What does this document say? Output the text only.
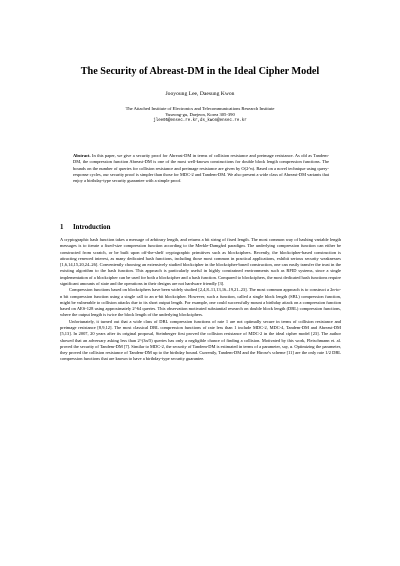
The Security of Abreast-DM in the Ideal Cipher Model
Jooyoung Lee, Daesung Kwon
The Attached Institute of Electronics and Telecommunications Research Institute
Yuseong-gu, Daejeon, Korea 305-390
jlee05@ensec.re.kr,ds_kwon@ensec.re.kr

Abstract. In this paper, we give a security proof for Abreast-DM in terms of collision resistance and preimage resistance. As old as Tandem-DM, the compression function Abreast-DM is one of the most well-known constructions for double block length compression functions. The bounds on the number of queries for collision resistance and preimage resistance are given by O(2^n). Based on a novel technique using query-response cycles, our security proof is simpler than those for MDC-2 and Tandem-DM. We also present a wide class of Abreast-DM variants that enjoy a birthday-type security guarantee with a simple proof.

1 Introduction

A cryptographic hash function takes a message of arbitrary length, and returns a bit string of fixed length. The most common way of hashing variable length messages is to iterate a fixed-size compression function according to the Merkle-Damgård paradigm. The underlying compression function can either be constructed from scratch, or be built upon off-the-shelf cryptographic primitives such as blockciphers. Recently, the blockcipher-based construction is attracting renewed interest, as many dedicated hash functions, including those most common in practical applications, exhibit serious security weaknesses [1,6,14,15,20,24–26]. Conveniently choosing an extensively studied blockcipher in the blockcipher-based construction, one can easily transfer the trust in the existing algorithm to the hash function. This approach is particularly useful in highly constrained environments such as RFID systems, since a single implementation of a blockcipher can be used for both a blockcipher and a hash function. Compared to blockciphers, the most dedicated hash functions require significant amounts of state and the operations in their designs are not hardware friendly [3].

Compression functions based on blockciphers have been widely studied [2,4,8–11,13,16–19,21–23]. The most common approach is to construct a 2n-to-n bit compression function using a single call to an n-bit blockcipher. However, such a function, called a single block length (SBL) compression function, might be vulnerable to collision attacks due to its short output length. For example, one could successfully mount a birthday attack on a compression function based on AES-128 using approximately 2^64 queries. This observation motivated substantial research on double block length (DBL) compression functions, where the output length is twice the block length of the underlying blockciphers.

Unfortunately, it turned out that a wide class of DBL compression functions of rate 1 are not optimally secure in terms of collision resistance and preimage resistance [8,9,12]. The most classical DBL compression functions of rate less than 1 include MDC-2, MDC-4, Tandem-DM and Abreast-DM [5,13]. In 2007, 20 years after its original proposal, Steinberger first proved the collision resistance of MDC-2 in the ideal cipher model [23]. The author showed that an adversary asking less than 2^(3n/5) queries has only a negligible chance of finding a collision. Motivated by this work, Fleischmann et. al. proved the security of Tandem-DM [7]. Similar to MDC-2, the security of Tandem-DM is estimated in terms of a parameter, say, α. Optimizing the parameter, they proved the collision resistance of Tandem-DM up to the birthday bound. Currently, Tandem-DM and the Hirose's scheme [11] are the only rate 1/2 DBL compression functions that are known to have a birthday-type security guarantee.
